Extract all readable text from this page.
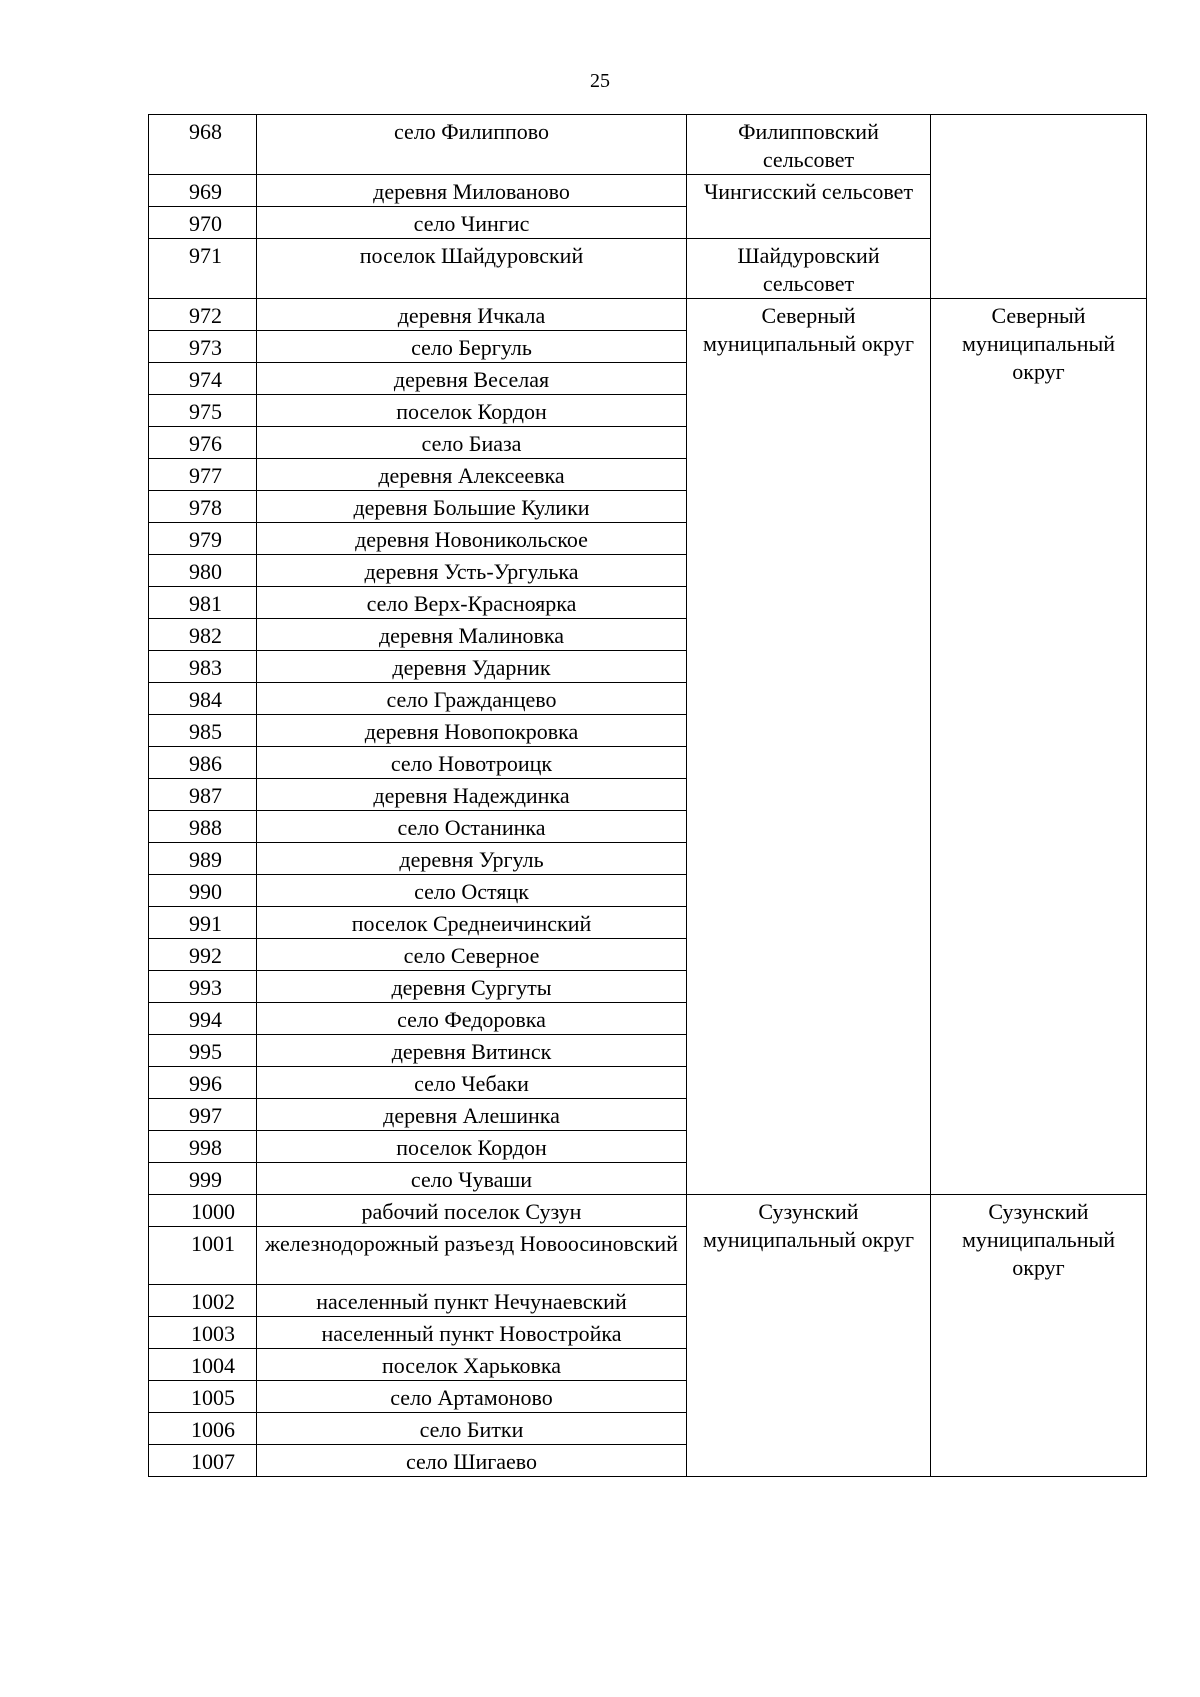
25
968	село Филиппово	Филипповский сельсовет	
969	деревня Милованово	Чингисский сельсовет	
970	село Чингис		
971	поселок Шайдуровский	Шайдуровский сельсовет	
972	деревня Ичкала	Северный муниципальный округ	Северный муниципальный округ
973	село Бергуль		
974	деревня Веселая		
975	поселок Кордон		
976	село Биаза		
977	деревня Алексеевка		
978	деревня Большие Кулики		
979	деревня Новоникольское		
980	деревня Усть-Ургулька		
981	село Верх-Красноярка		
982	деревня Малиновка		
983	деревня Ударник		
984	село Гражданцево		
985	деревня Новопокровка		
986	село Новотроицк		
987	деревня Надеждинка		
988	село Останинка		
989	деревня Ургуль		
990	село Остяцк		
991	поселок Среднеичинский		
992	село Северное		
993	деревня Сургуты		
994	село Федоровка		
995	деревня Витинск		
996	село Чебаки		
997	деревня Алешинка		
998	поселок Кордон		
999	село Чуваши		
1000	рабочий поселок Сузун	Сузунский муниципальный округ	Сузунский муниципальный округ
1001	железнодорожный разъезд Новоосиновский		
1002	населенный пункт Нечунаевский		
1003	населенный пункт Новостройка		
1004	поселок Харьковка		
1005	село Артамоново		
1006	село Битки		
1007	село Шигаево		
